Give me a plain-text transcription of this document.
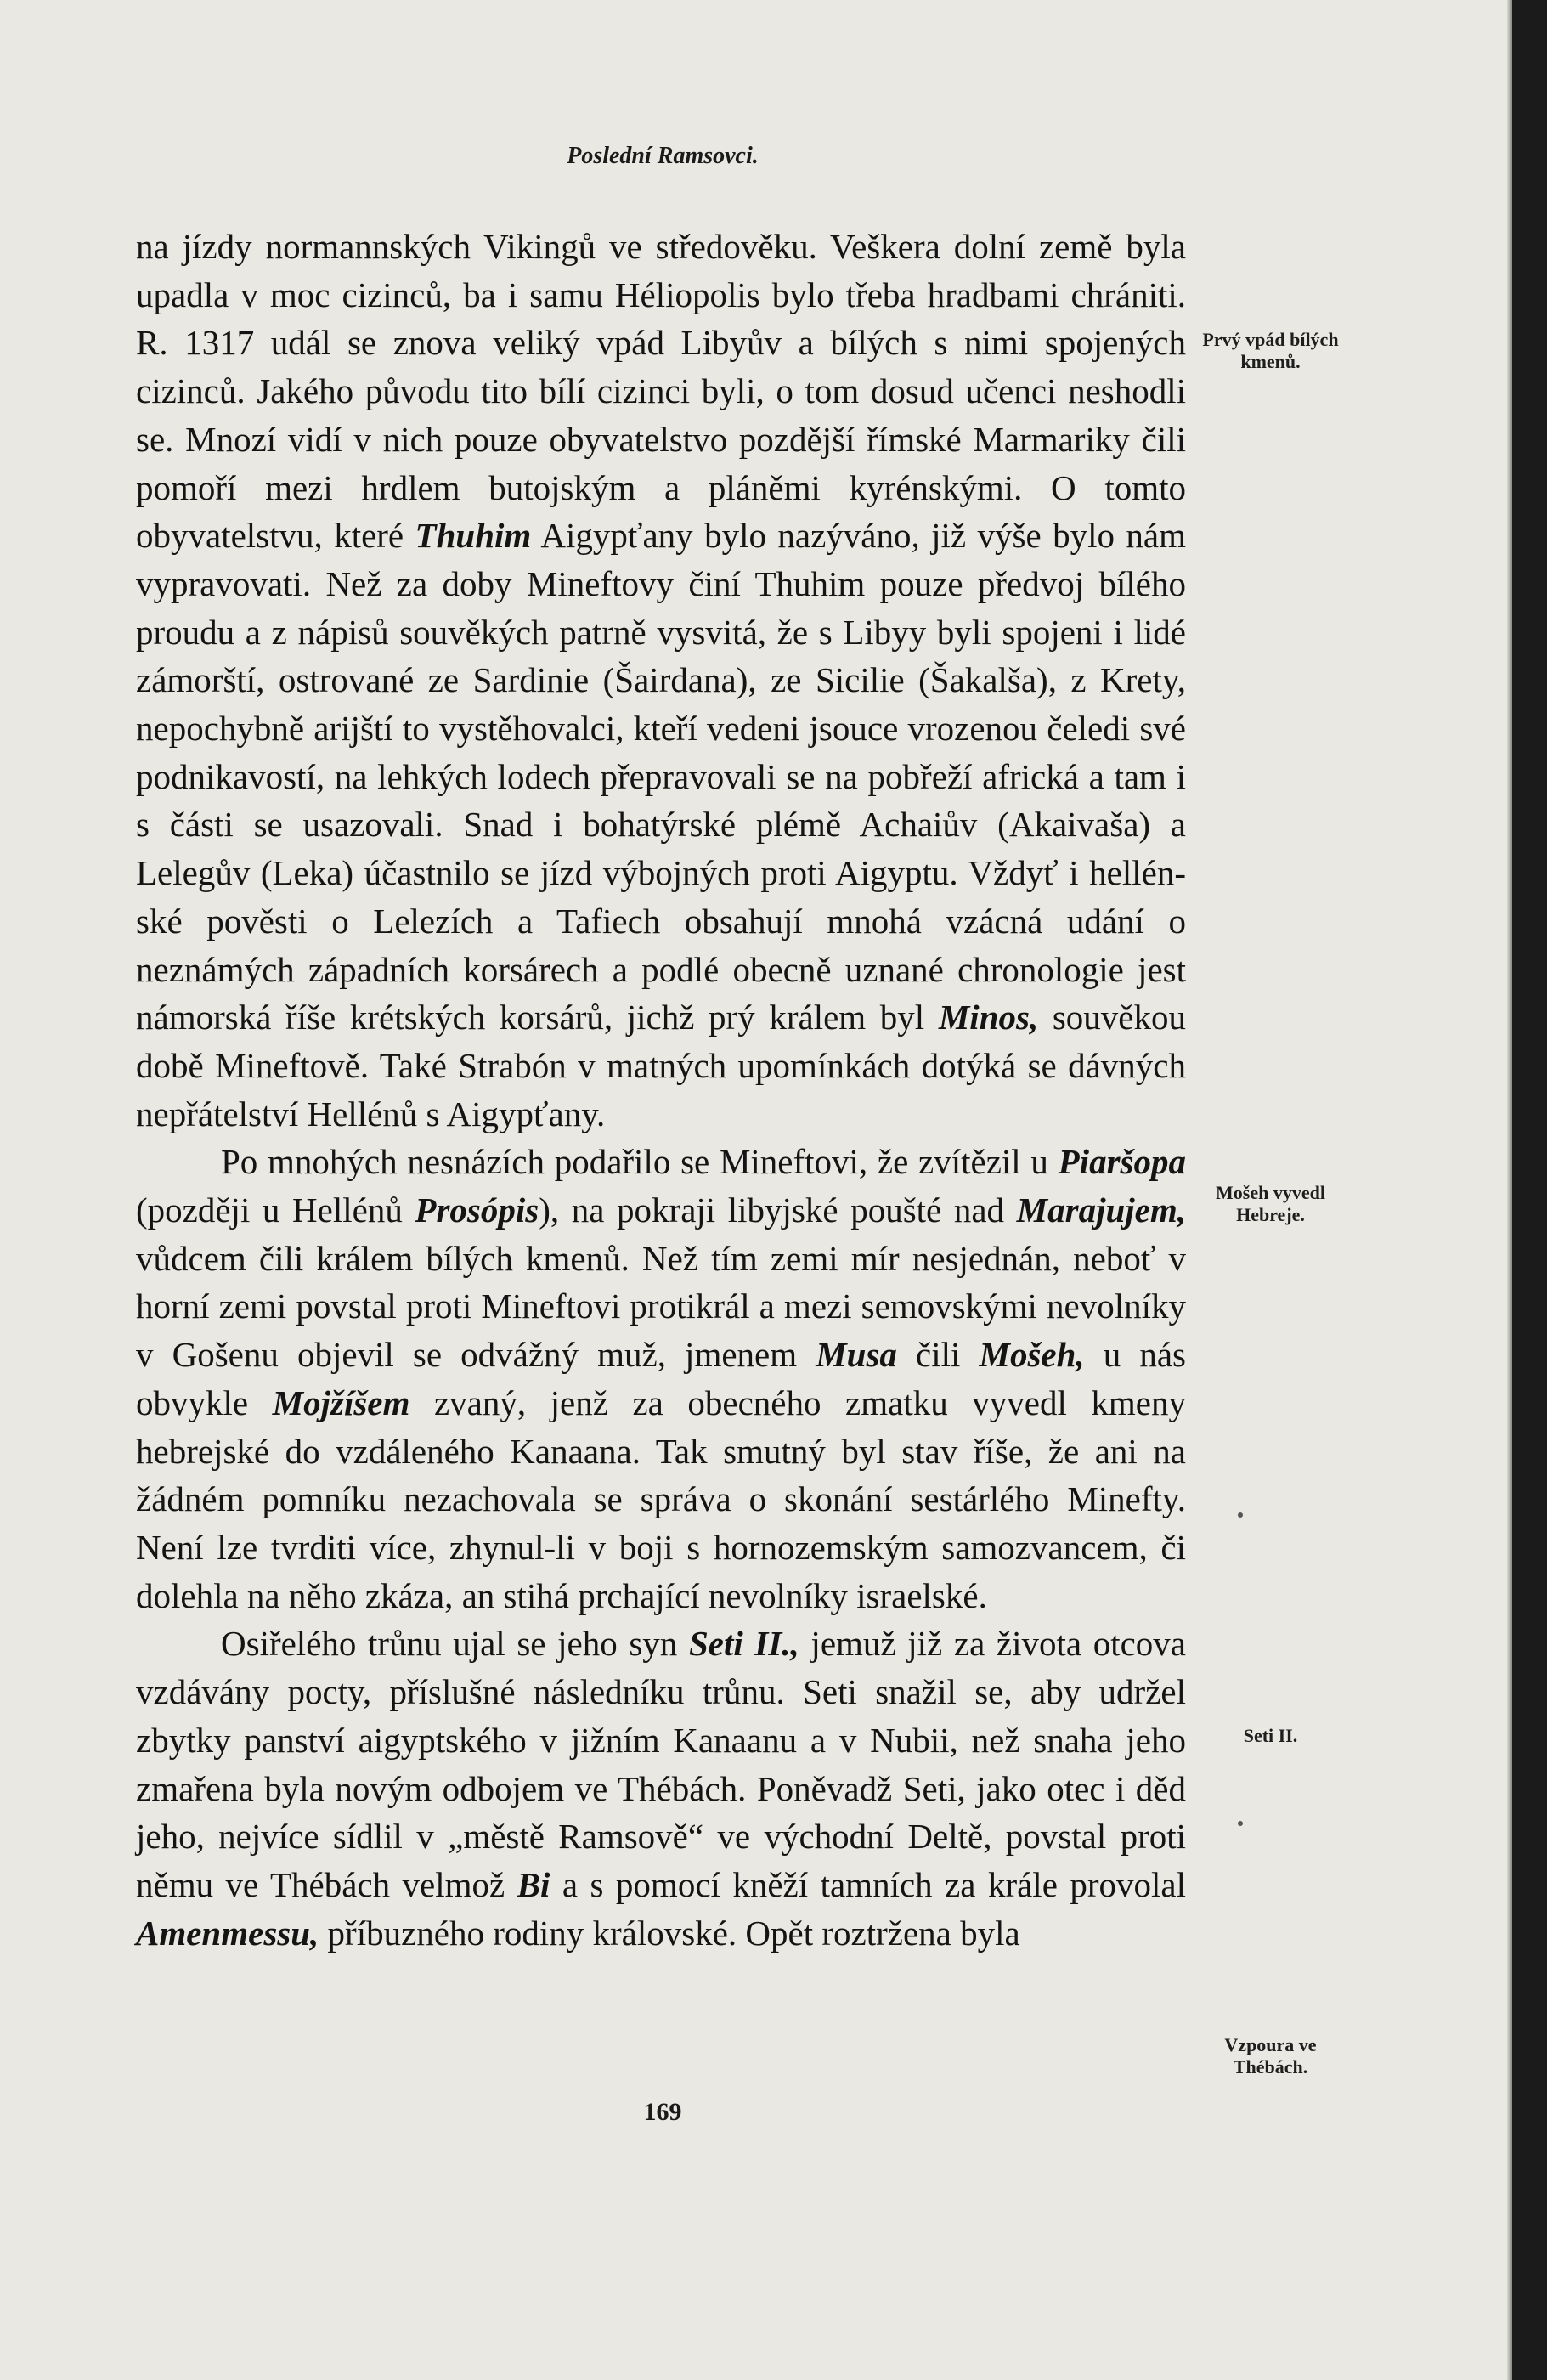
Poslední Ramsovci.

na jízdy normannských Vikingů ve středověku. Veškera dolní země byla upadla v moc cizinců, ba i samu Héliopolis bylo třeba hradbami chrániti. R. 1317 udál se znova veliký vpád Libyův a bílých s nimi spojených cizinců. Jakého původu tito bílí cizinci byli, o tom dosud učenci neshodli se. Mnozí vidí v nich pouze obyvatelstvo pozdější římské Marmariky čili pomoří mezi hrdlem butojským a pláněmi kyrénskými. O tomto obyvatelstvu, které Thuhim Aigypťany bylo nazýváno, již výše bylo nám vypravovati. Než za doby Mineftovy činí Thuhim pouze předvoj bílého proudu a z nápisů souvěkých patrně vysvitá, že s Libyy byli spojeni i lidé zámorští, ostrované ze Sardinie (Šairdana), ze Sicilie (Šakalša), z Krety, nepochybně arijští to vystěhovalci, kteří vedeni jsouce vrozenou čeledi své podnikavostí, na lehkých lodech přepravovali se na pobřeží africká a tam i s části se usazovali. Snad i bohatýrské plémě Achaiův (Akaivaša) a Lelegův (Leka) účastnilo se jízd výbojných proti Aigyptu. Vždyť i hellénské pověsti o Lelezích a Tafiech obsahují mnohá vzácná udání o neznámých západních korsárech a podlé obecně uznané chronologie jest námorská říše krétských korsárů, jichž prý králem byl Minos, souvěkou době Mineftově. Také Strabón v matných upomínkách dotýká se dávných nepřátelství Hellénů s Aigypťany.

Po mnohých nesnázích podařilo se Mineftovi, že zvítězil u Piaršopa (později u Hellénů Prosópis), na pokraji libyjské poušté nad Marajujem, vůdcem čili králem bílých kmenů. Než tím zemi mír nesjednán, neboť v horní zemi povstal proti Mineftovi protikrál a mezi semovskými nevolníky v Gošenu objevil se odvážný muž, jmenem Musa čili Mošeh, u nás obvykle Mojžíšem zvaný, jenž za obecného zmatku vyvedl kmeny hebrejské do vzdáleného Kanaana. Tak smutný byl stav říše, že ani na žádném pomníku nezachovala se správa o skonání sestárlého Minefty. Není lze tvrditi více, zhynul-li v boji s hornozemským samozvancem, či dolehla na něho zkáza, an stihá prchající nevolníky israelské.

Osiřelého trůnu ujal se jeho syn Seti II., jemuž již za života otcova vzdávány pocty, příslušné následníku trůnu. Seti snažil se, aby udržel zbytky panství aigyptského v jižním Kanaanu a v Nubii, než snaha jeho zmařena byla novým odbojem ve Thébách. Poněvadž Seti, jako otec i děd jeho, nejvíce sídlil v „městě Ramsově“ ve východní Deltě, povstal proti němu ve Thébách velmož Bi a s pomocí kněží tamních za krále provolal Amenmessu, příbuzného rodiny královské. Opět roztržena byla

Prvý vpád bílých kmenů.

Mošeh vyvedl Hebreje.

Seti II.

Vzpoura ve Thébách.

169
